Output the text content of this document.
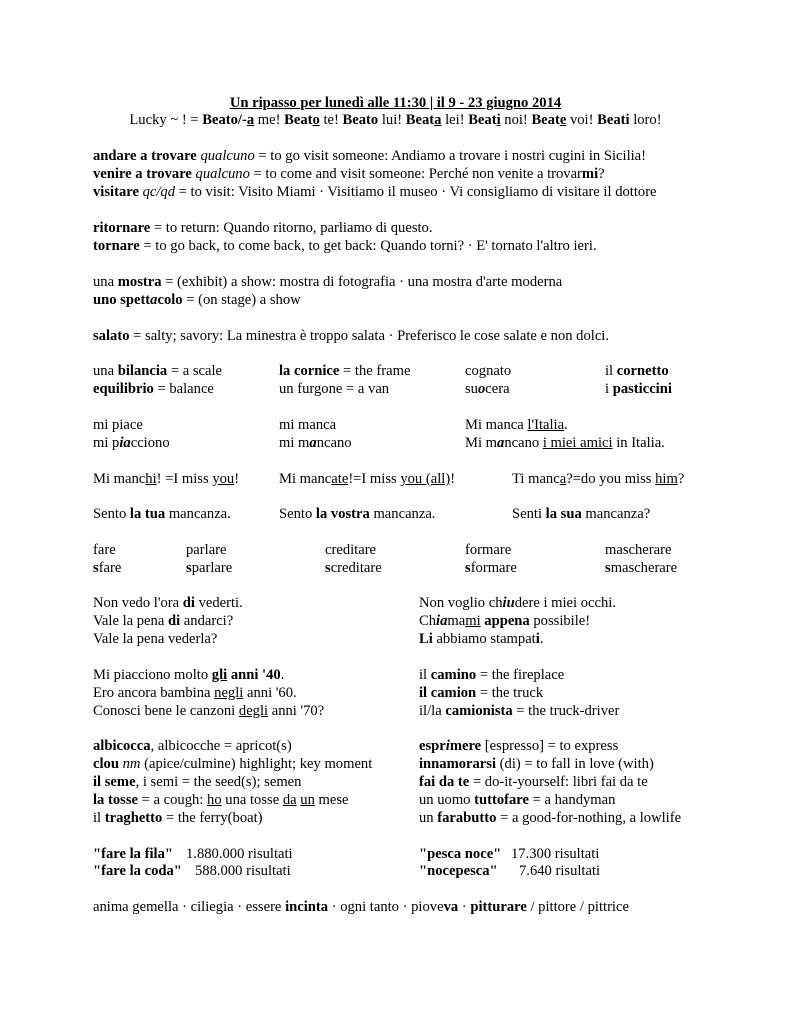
Un ripasso per lunedì alle 11:30 | il 9 - 23 giugno 2014
Lucky ~ ! = Beato/-a me! Beato te! Beato lui! Beata lei! Beati noi! Beate voi! Beati loro!
andare a trovare qualcuno = to go visit someone: Andiamo a trovare i nostri cugini in Sicilia!
venire a trovare qualcuno = to come and visit someone: Perché non venite a trovarmi?
visitare qc/qd = to visit: Visito Miami · Visitiamo il museo · Vi consigliamo di visitare il dottore
ritornare = to return: Quando ritorno, parliamo di questo.
tornare = to go back, to come back, to get back: Quando torni? · E' tornato l'altro ieri.
una mostra = (exhibit) a show: mostra di fotografia · una mostra d'arte moderna
uno spettacolo = (on stage) a show
salato = salty; savory: La minestra è troppo salata · Preferisco le cose salate e non dolci.
una bilancia = a scale	la cornice = the frame	cognato	il cornetto
equilibrio = balance	un furgone = a van	suocera	i pasticcini
mi piace	mi manca	Mi manca l'Italia.
mi piacciono	mi mancano	Mi mancano i miei amici in Italia.
Mi manchi! =I miss you!	Mi mancate!=I miss you (all)!	Ti manca?=do you miss him?
Sento la tua mancanza.	Sento la vostra mancanza.	Senti la sua mancanza?
fare	parlare	creditare	formare	mascherare
sfare	sparlare	screditare	sformare	smascherare
Non vedo l'ora di vederti.
Vale la pena di andarci?
Vale la pena vederla?
Non voglio chiudere i miei occhi.
Chiamami appena possibile!
Li abbiamo stampati.
Mi piacciono molto gli anni '40.
Ero ancora bambina negli anni '60.
Conosci bene le canzoni degli anni '70?
il camino = the fireplace
il camion = the truck
il/la camionista = the truck-driver
albicocca, albicocche = apricot(s)
clou nm (apice/culmine) highlight; key moment
il seme, i semi = the seed(s); semen
la tosse = a cough: ho una tosse da un mese
il traghetto = the ferry(boat)
esprimere [espresso] = to express
innamorarsi (di) = to fall in love (with)
fai da te = do-it-yourself: libri fai da te
un uomo tuttofare = a handyman
un farabutto = a good-for-nothing, a lowlife
"fare la fila" 1.880.000 risultati
"fare la coda" 588.000 risultati
"pesca noce" 17.300 risultati
"nocepesca" 7.640 risultati
anima gemella · ciliegia · essere incinta · ogni tanto · pioveva · pitturare / pittore / pittrice
